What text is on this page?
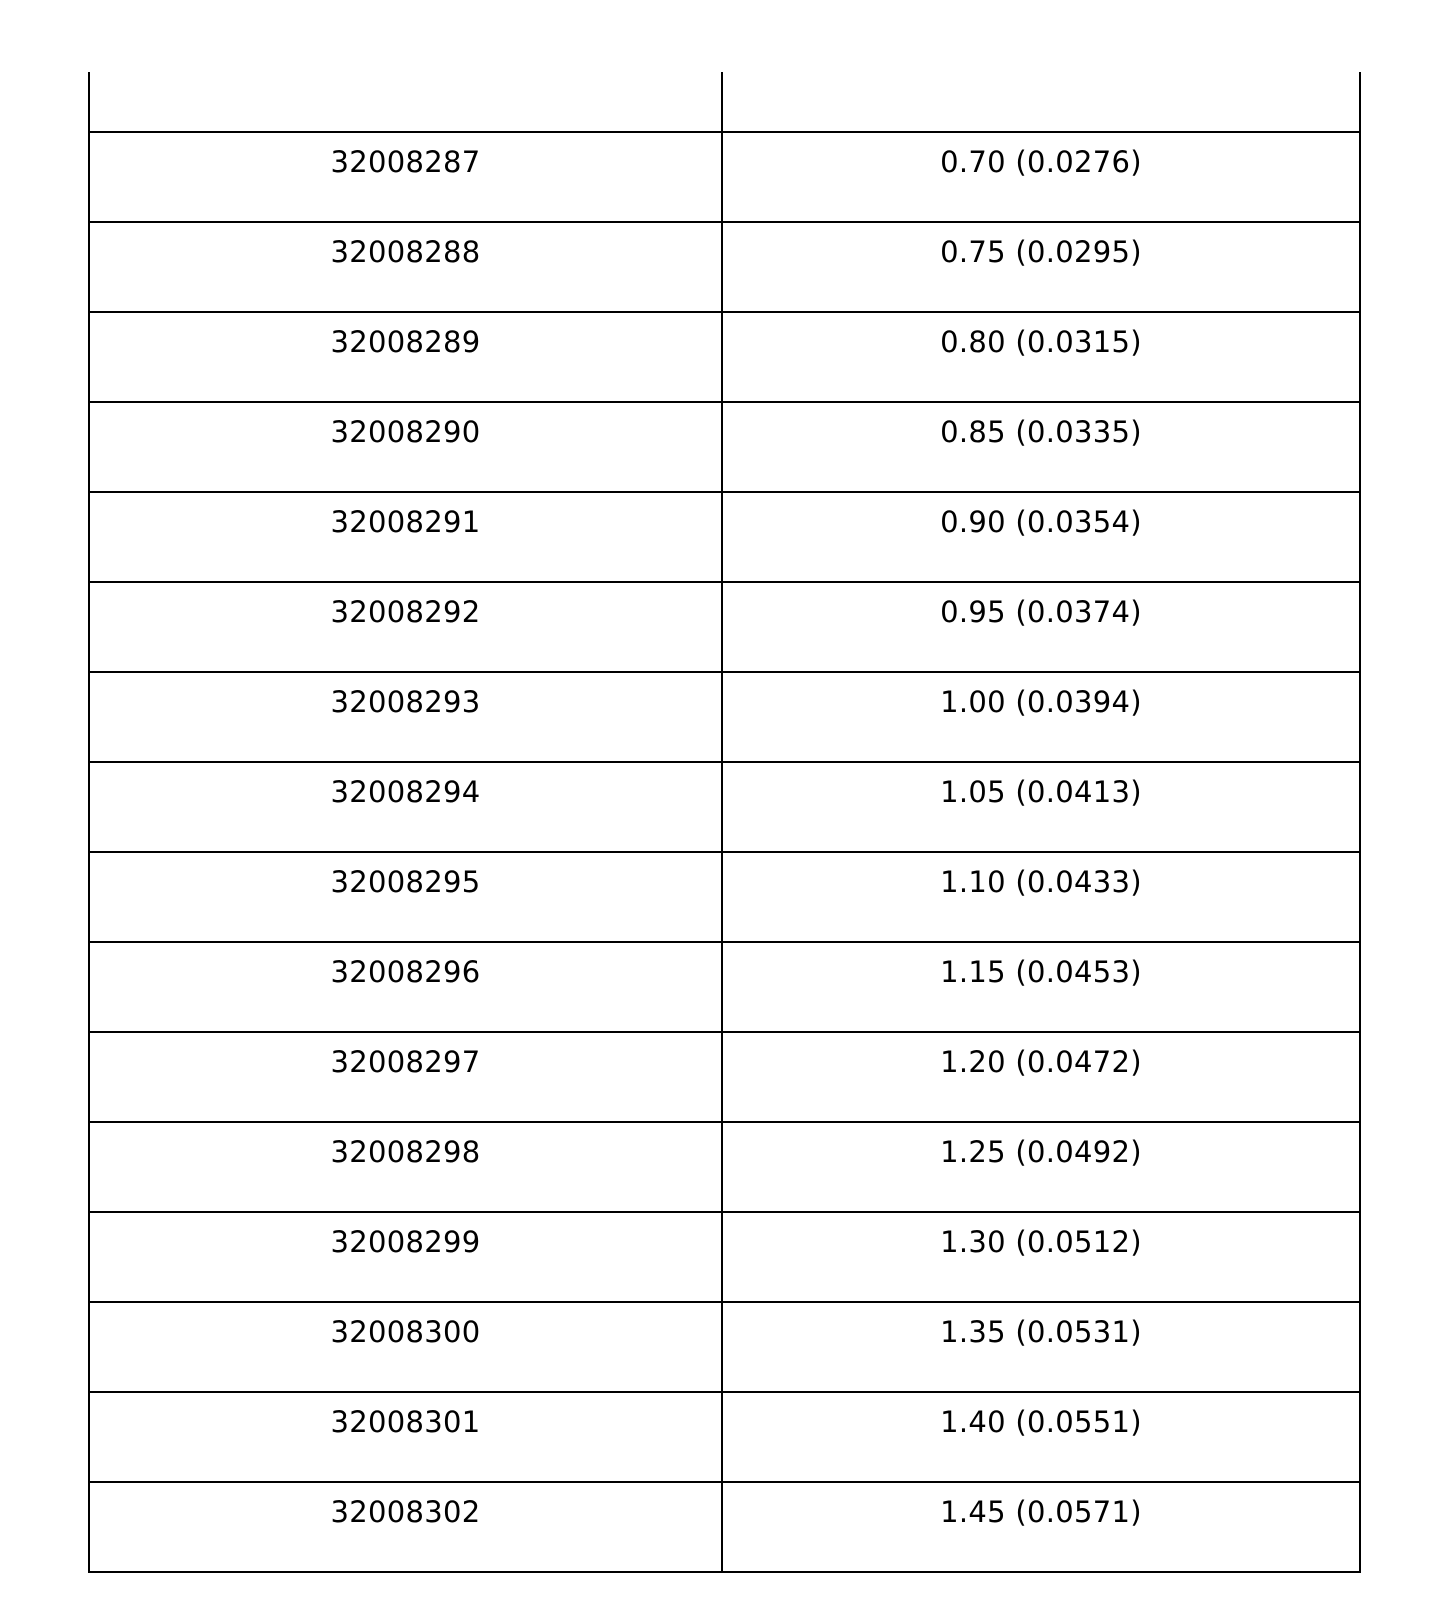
32008287	0.70 (0.0276)
32008288	0.75 (0.0295)
32008289	0.80 (0.0315)
32008290	0.85 (0.0335)
32008291	0.90 (0.0354)
32008292	0.95 (0.0374)
32008293	1.00 (0.0394)
32008294	1.05 (0.0413)
32008295	1.10 (0.0433)
32008296	1.15 (0.0453)
32008297	1.20 (0.0472)
32008298	1.25 (0.0492)
32008299	1.30 (0.0512)
32008300	1.35 (0.0531)
32008301	1.40 (0.0551)
32008302	1.45 (0.0571)
